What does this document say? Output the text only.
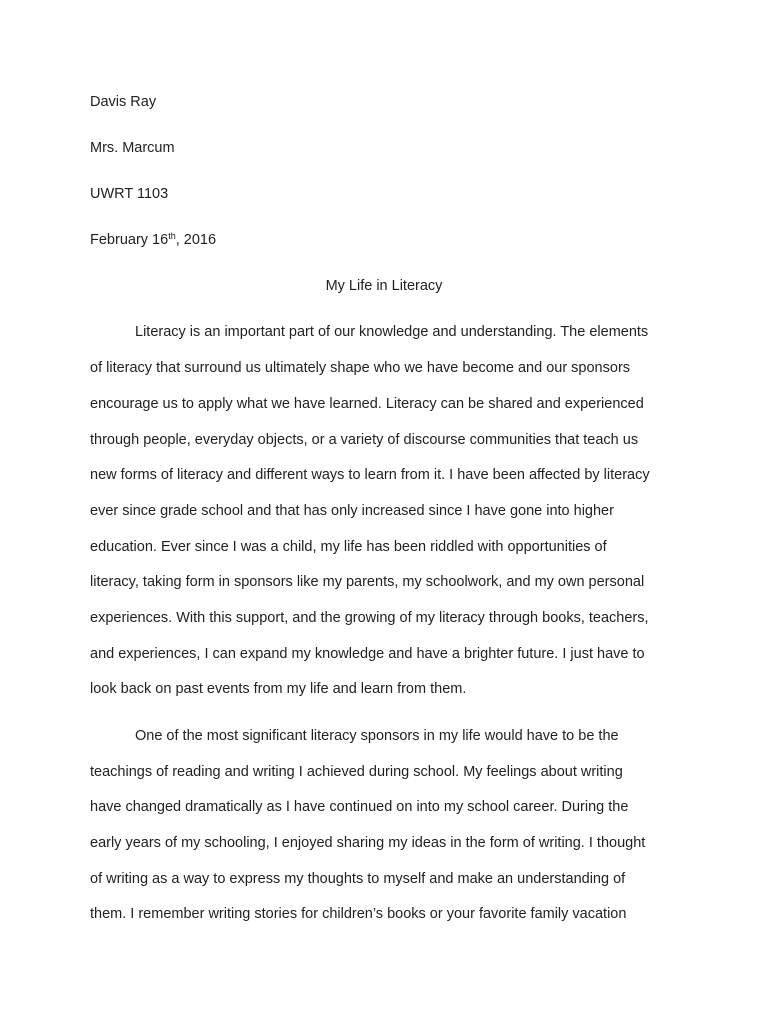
Davis Ray
Mrs. Marcum
UWRT 1103
February 16th, 2016
My Life in Literacy
Literacy is an important part of our knowledge and understanding. The elements
of literacy that surround us ultimately shape who we have become and our sponsors
encourage us to apply what we have learned. Literacy can be shared and experienced
through people, everyday objects, or a variety of discourse communities that teach us
new forms of literacy and different ways to learn from it. I have been affected by literacy
ever since grade school and that has only increased since I have gone into higher
education. Ever since I was a child, my life has been riddled with opportunities of
literacy, taking form in sponsors like my parents, my schoolwork, and my own personal
experiences. With this support, and the growing of my literacy through books, teachers,
and experiences, I can expand my knowledge and have a brighter future. I just have to
look back on past events from my life and learn from them.
One of the most significant literacy sponsors in my life would have to be the
teachings of reading and writing I achieved during school. My feelings about writing
have changed dramatically as I have continued on into my school career. During the
early years of my schooling, I enjoyed sharing my ideas in the form of writing. I thought
of writing as a way to express my thoughts to myself and make an understanding of
them. I remember writing stories for children’s books or your favorite family vacation
